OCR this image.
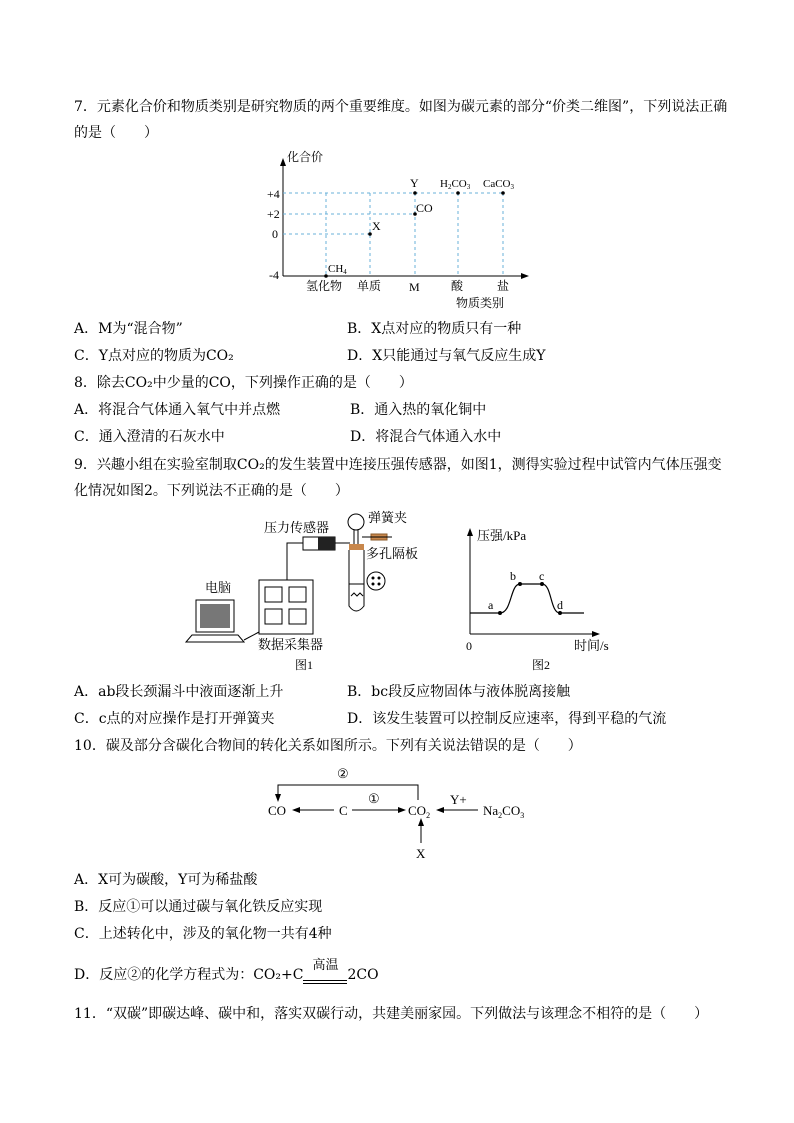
7．元素化合价和物质类别是研究物质的两个重要维度。如图为碳元素的部分“价类二维图”，下列说法正确
的是（　　）
化合价
+4
+2
0
-4
氢化物 单质 M	酸	盐
物质类别
CH4
X
CO
Y H2CO3 CaCO3
A．M为“混合物”	B．X点对应的物质只有一种
C．Y点对应的物质为CO₂	D．X只能通过与氧气反应生成Y
8．除去CO₂中少量的CO，下列操作正确的是（　　）
A．将混合气体通入氧气中并点燃	B．通入热的氧化铜中
C．通入澄清的石灰水中	D．将混合气体通入水中
9．兴趣小组在实验室制取CO₂的发生装置中连接压强传感器，如图1，测得实验过程中试管内气体压强变
化情况如图2。下列说法不正确的是（　　）
压力传感器
弹簧夹
多孔隔板
电脑
数据采集器
图1
压强/kPa
时间/s
0
图2
a
b c
d
A．ab段长颈漏斗中液面逐渐上升	B．bc段反应物固体与液体脱离接触
C．c点的对应操作是打开弹簧夹	D．该发生装置可以控制反应速率，得到平稳的气流
10．碳及部分含碳化合物间的转化关系如图所示。下列有关说法错误的是（　　）
CO	C	$CO_2$	$Na_2CO_3$
Y+
X
①
②
A．X可为碳酸，Y可为稀盐酸
B．反应①可以通过碳与氧化铁反应实现
C．上述转化中，涉及的氧化物一共有4种
D．反应②的化学方程式为：CO₂+C
高温
2CO
11．“双碳”即碳达峰、碳中和，落实双碳行动，共建美丽家园。下列做法与该理念不相符的是（　　）
